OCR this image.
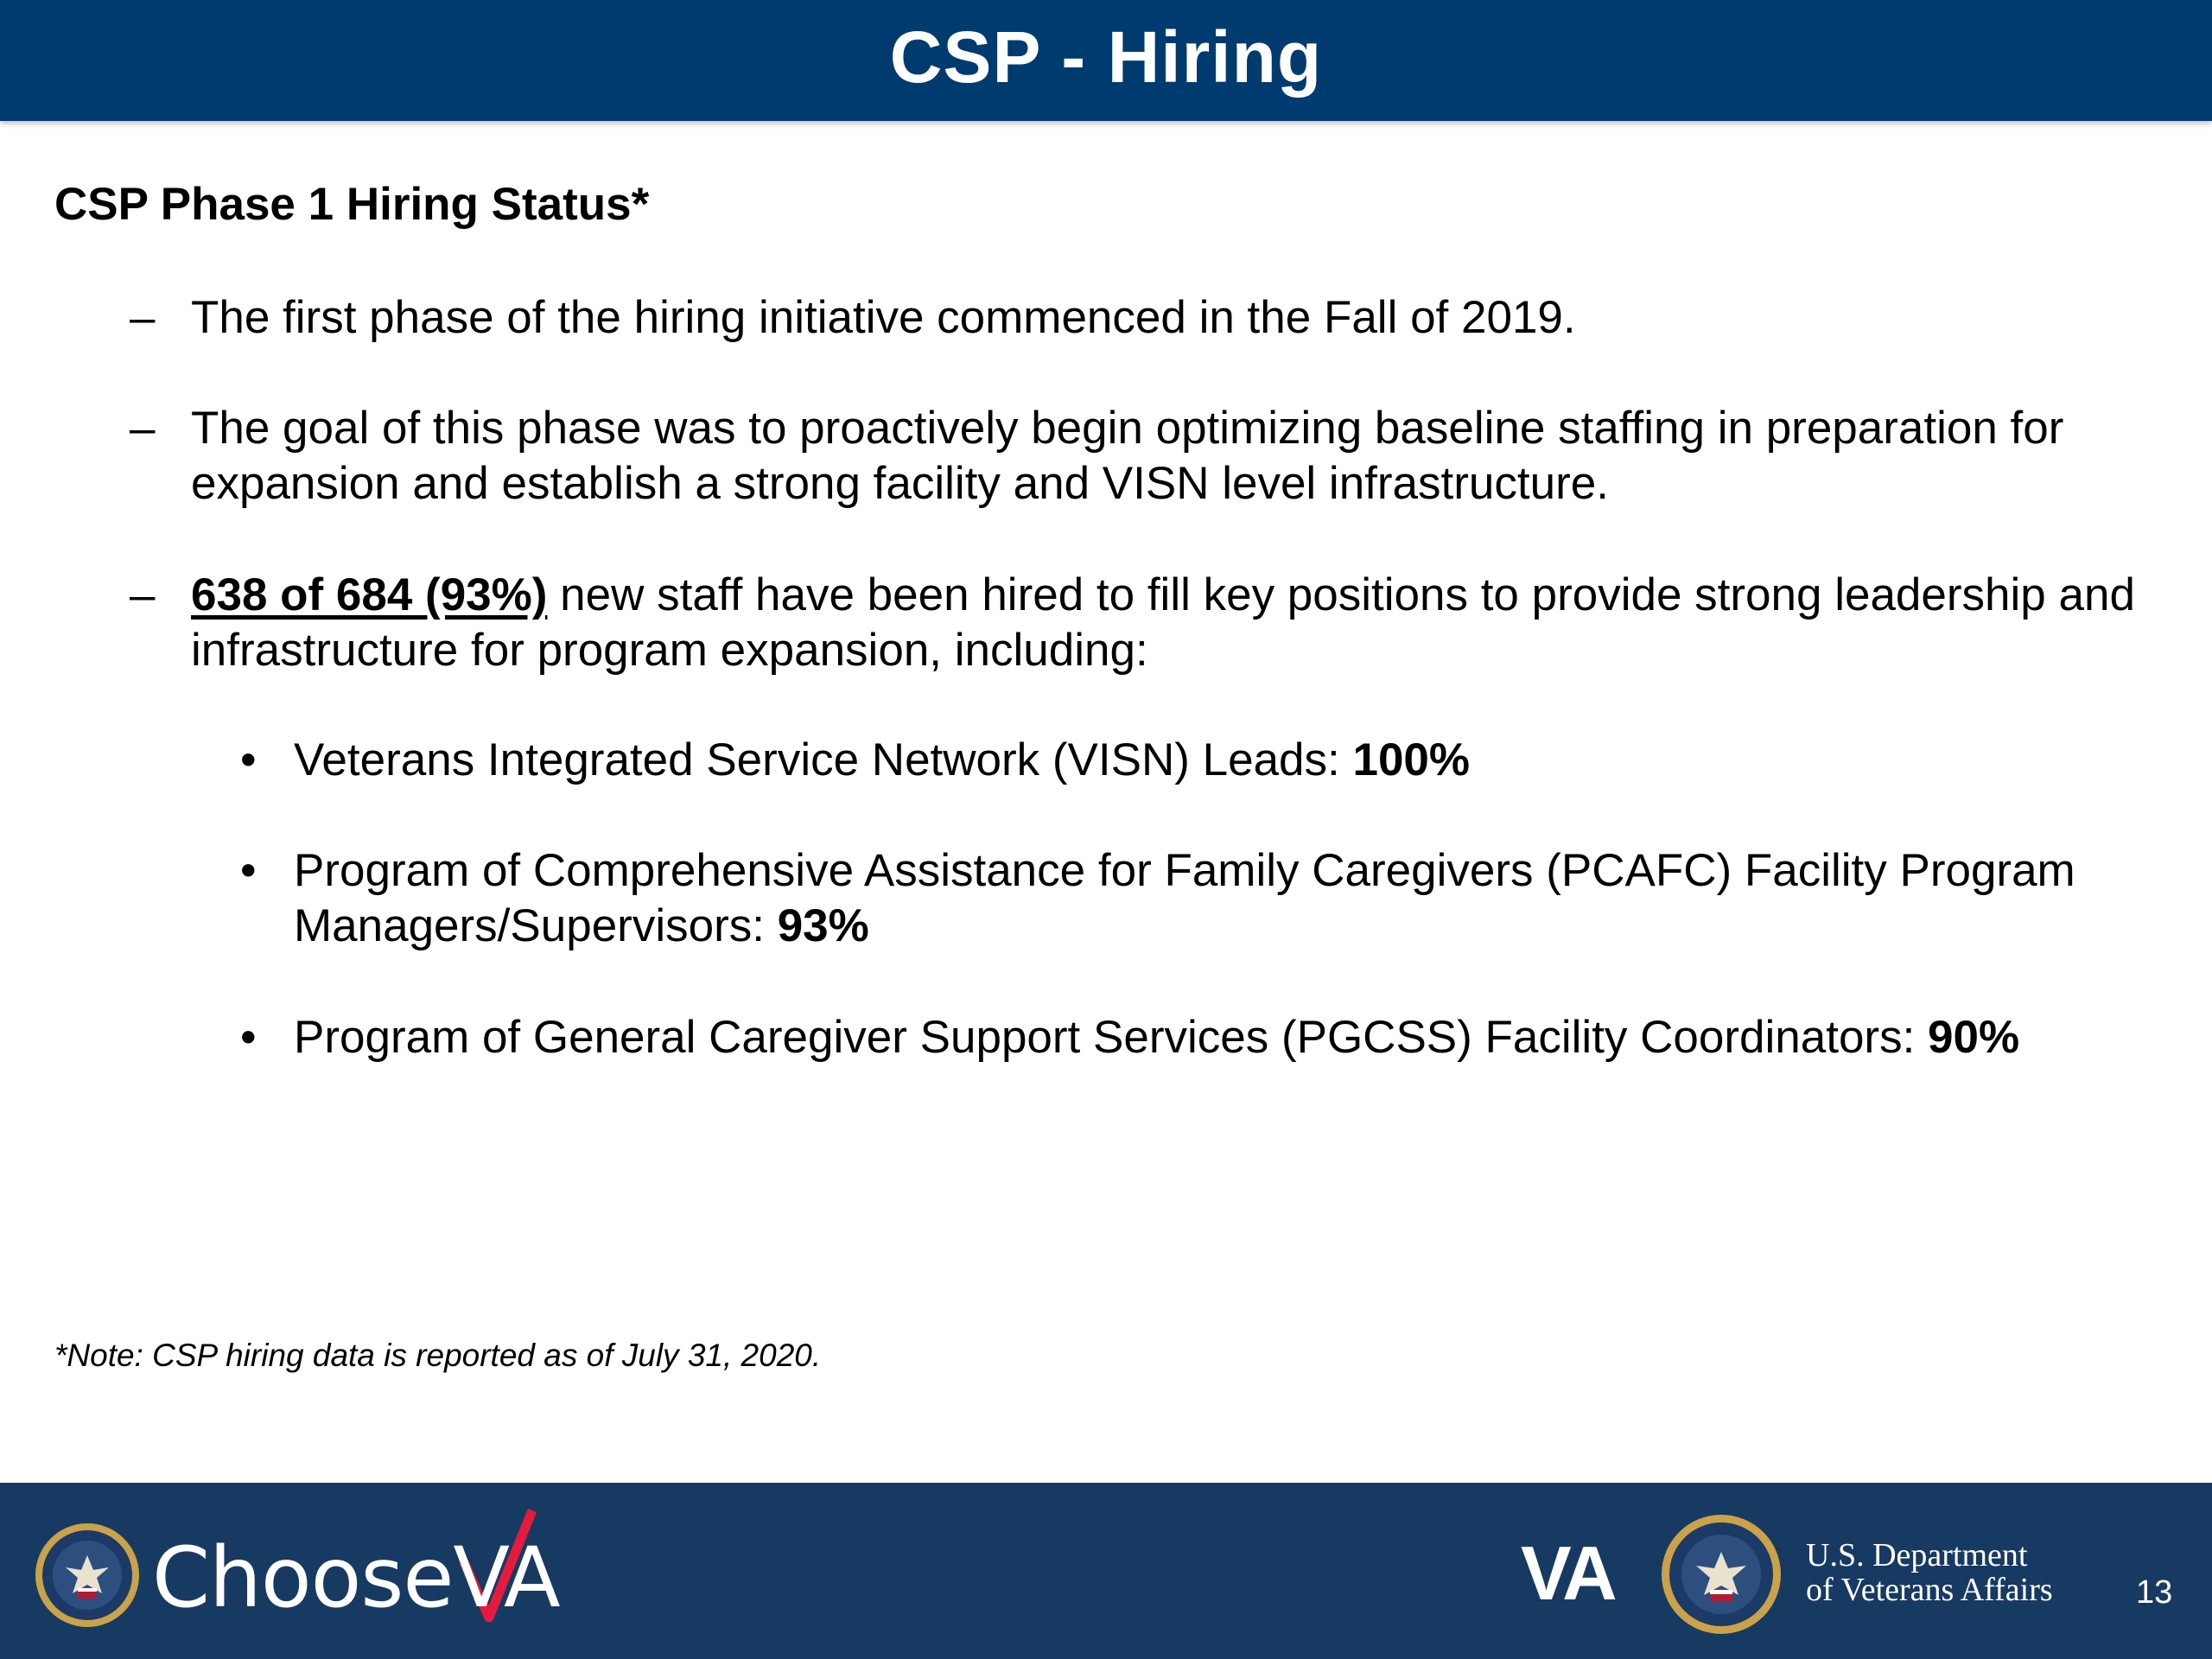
CSP - Hiring
CSP Phase 1 Hiring Status*
– The first phase of the hiring initiative commenced in the Fall of 2019.
– The goal of this phase was to proactively begin optimizing baseline staffing in preparation for expansion and establish a strong facility and VISN level infrastructure.
– 638 of 684 (93%) new staff have been hired to fill key positions to provide strong leadership and infrastructure for program expansion, including:
• Veterans Integrated Service Network (VISN) Leads: 100%
• Program of Comprehensive Assistance for Family Caregivers (PCAFC) Facility Program Managers/Supervisors: 93%
• Program of General Caregiver Support Services (PGCSS) Facility Coordinators: 90%
*Note: CSP hiring data is reported as of July 31, 2020.
Choose
VA	VA	U.S. Department
of Veterans Affairs	13
